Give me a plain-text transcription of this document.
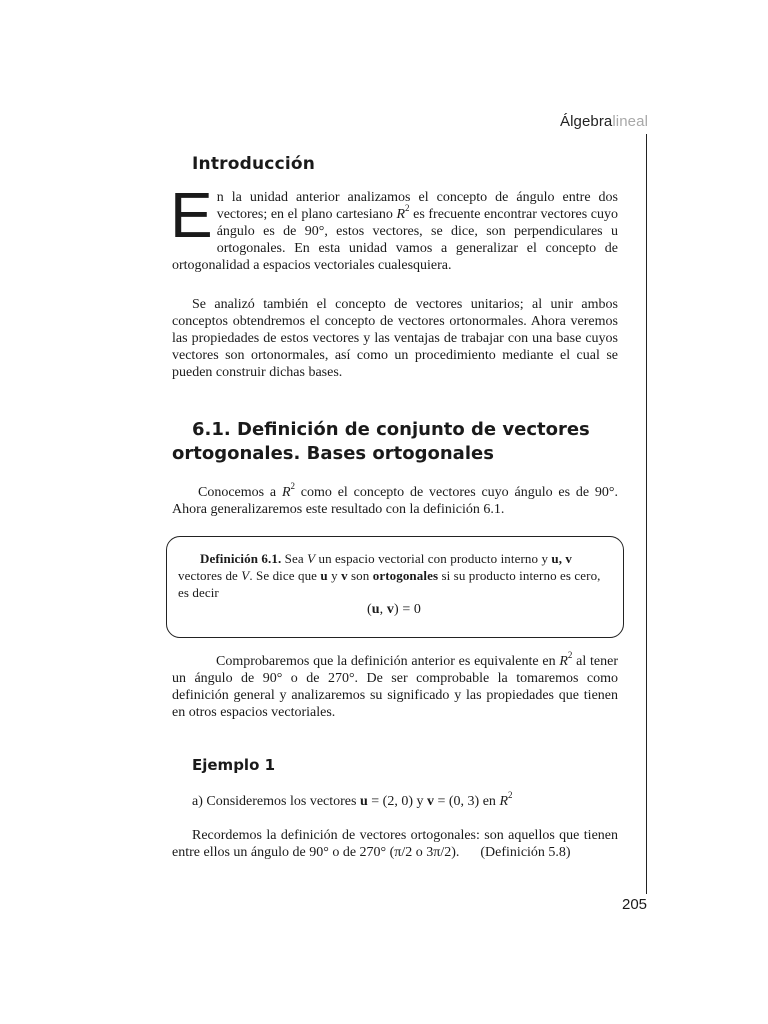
Álgebralineal
Introducción
En la unidad anterior analizamos el concepto de ángulo entre dos vectores; en el plano cartesiano $R^2$ es frecuente encontrar vectores cuyo ángulo es de 90°, estos vectores, se dice, son perpendiculares u ortogonales. En esta unidad vamos a generalizar el concepto de ortogonalidad a espacios vectoriales cualesquiera.
Se analizó también el concepto de vectores unitarios; al unir ambos conceptos obtendremos el concepto de vectores ortonormales. Ahora veremos las propiedades de estos vectores y las ventajas de trabajar con una base cuyos vectores son ortonormales, así como un procedimiento mediante el cual se pueden construir dichas bases.
6.1. Definición de conjunto de vectores ortogonales. Bases ortogonales
Conocemos a $R^2$ como el concepto de vectores cuyo ángulo es de 90°. Ahora generalizaremos este resultado con la definición 6.1.
Definición 6.1. Sea V un espacio vectorial con producto interno y u, v vectores de V. Se dice que u y v son ortogonales si su producto interno es cero, es decir
(u, v) = 0
Comprobaremos que la definición anterior es equivalente en $R^2$ al tener un ángulo de 90° o de 270°. De ser comprobable la tomaremos como definición general y analizaremos su significado y las propiedades que tienen en otros espacios vectoriales.
Ejemplo 1
a) Consideremos los vectores u = (2, 0) y v = (0, 3) en $R^2$
Recordemos la definición de vectores ortogonales: son aquellos que tienen entre ellos un ángulo de 90° o de 270° (π/2 o 3π/2). (Definición 5.8)
205
